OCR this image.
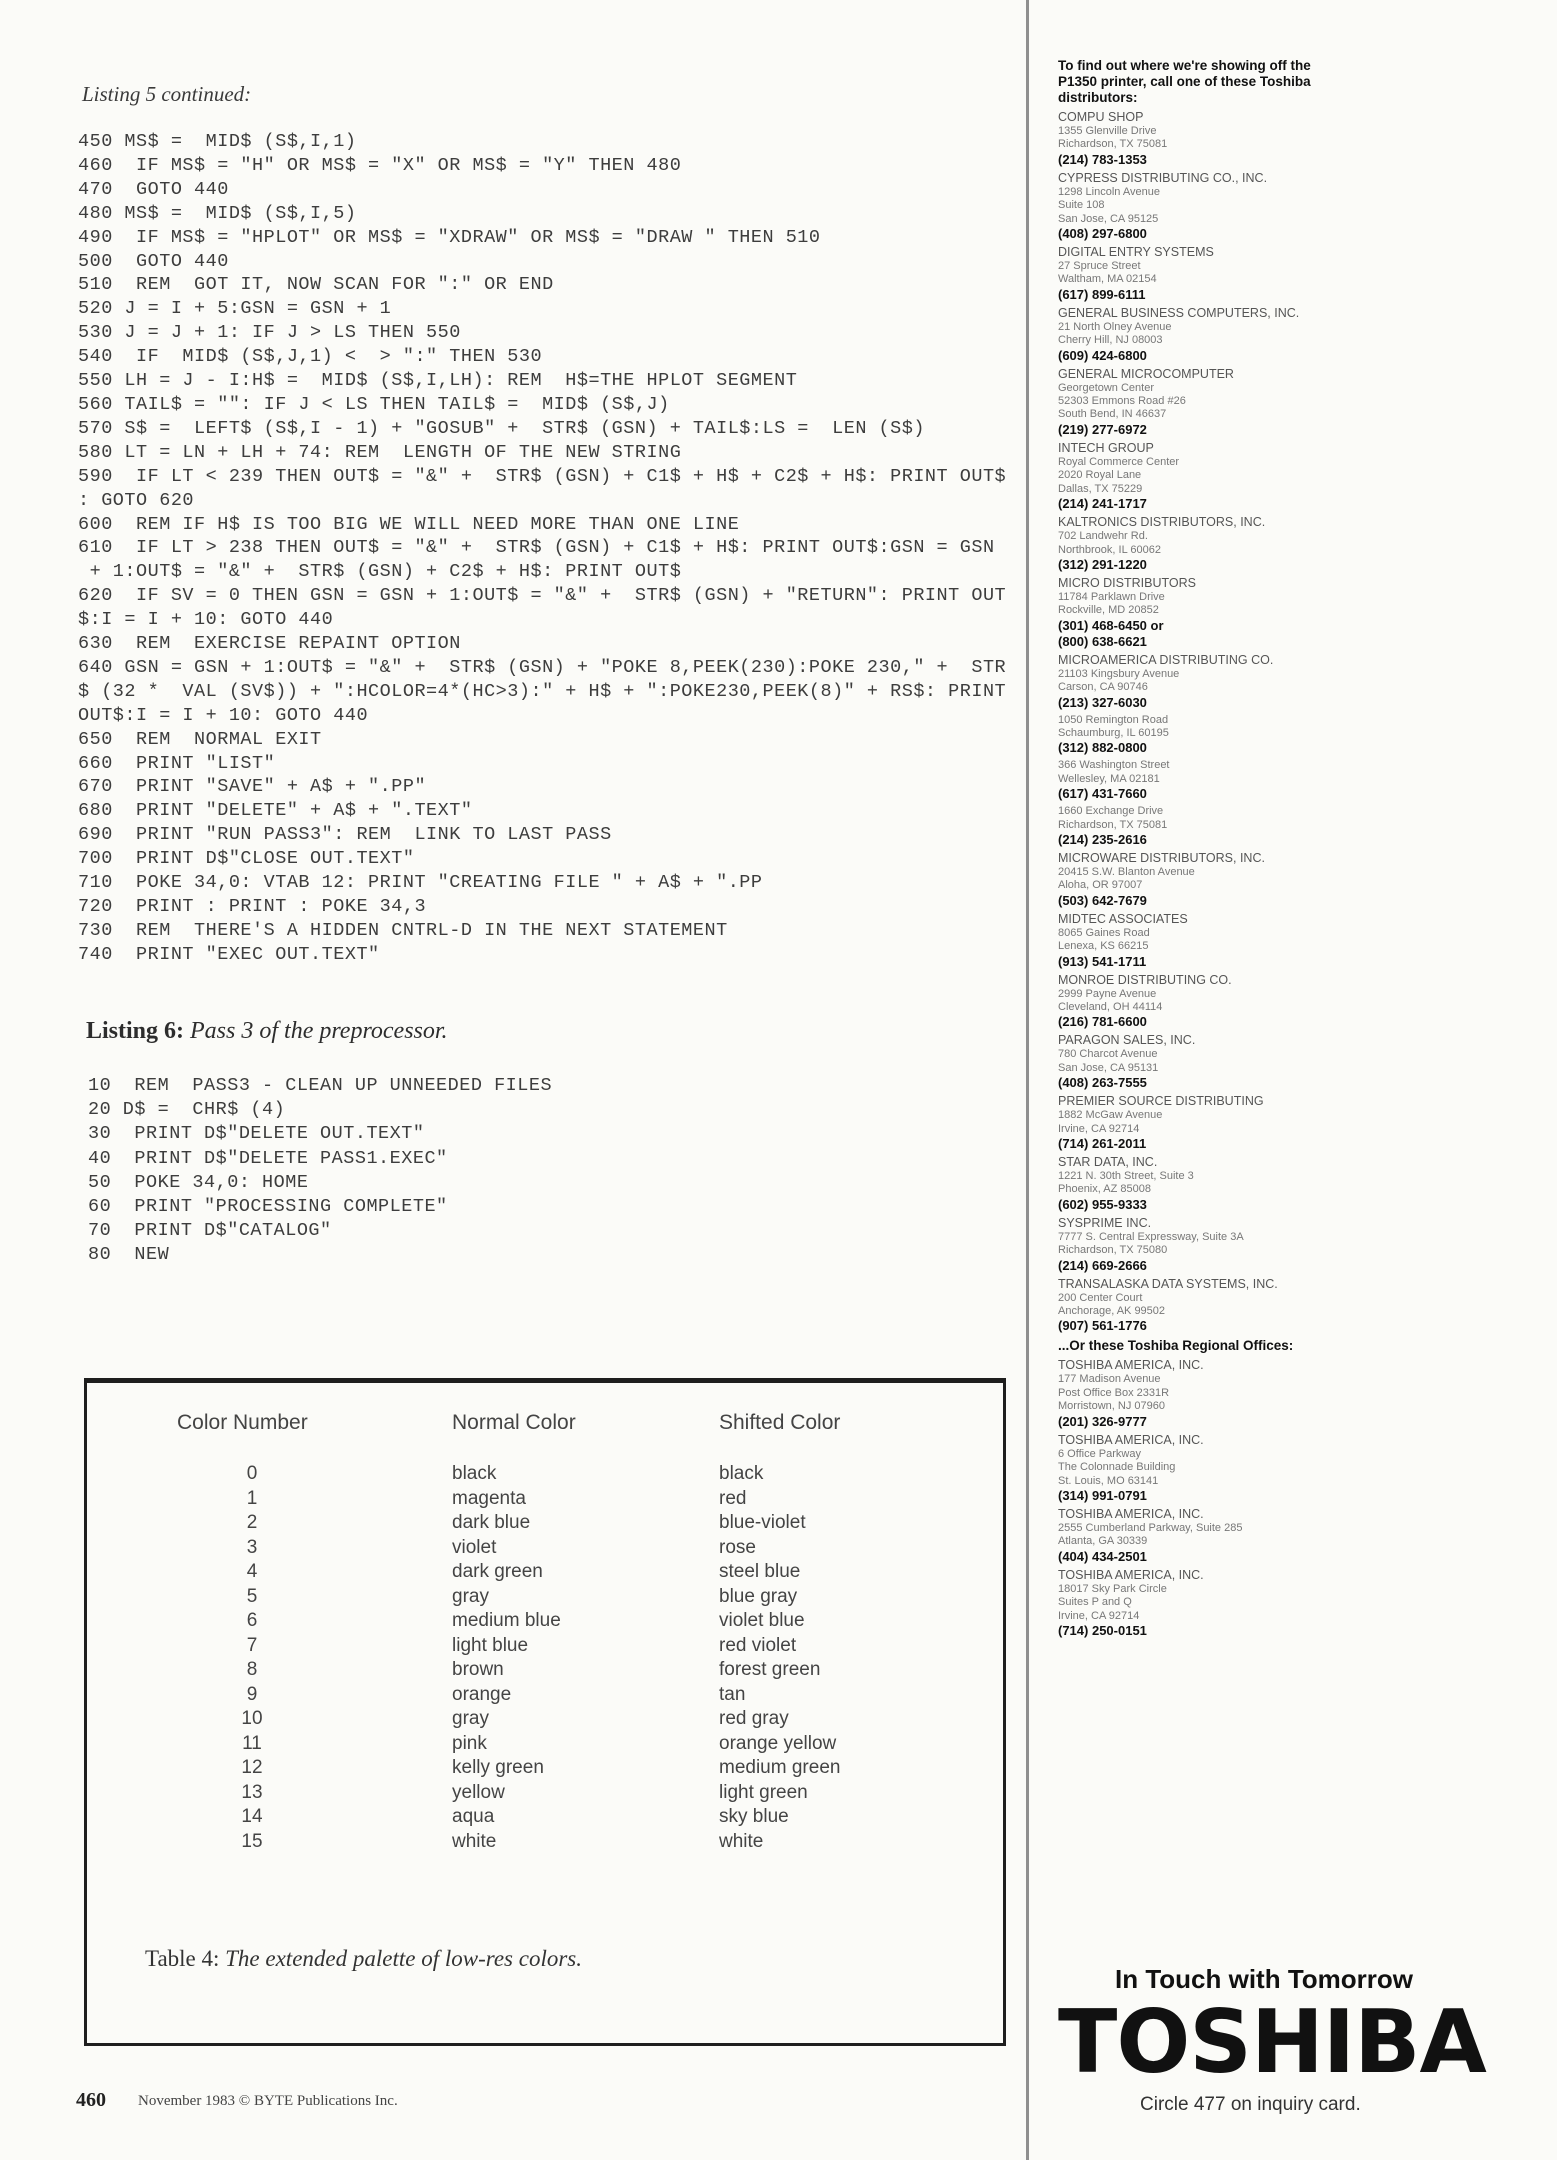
Listing 5 continued:
450 MS$ =  MID$ (S$,I,1)
460  IF MS$ = "H" OR MS$ = "X" OR MS$ = "Y" THEN 480
470  GOTO 440
480 MS$ =  MID$ (S$,I,5)
490  IF MS$ = "HPLOT" OR MS$ = "XDRAW" OR MS$ = "DRAW " THEN 510
500  GOTO 440
510  REM  GOT IT, NOW SCAN FOR ":" OR END
520 J = I + 5:GSN = GSN + 1
530 J = J + 1: IF J > LS THEN 550
540  IF  MID$ (S$,J,1) <  > ":" THEN 530
550 LH = J - I:H$ =  MID$ (S$,I,LH): REM  H$=THE HPLOT SEGMENT
560 TAIL$ = "": IF J < LS THEN TAIL$ =  MID$ (S$,J)
570 S$ =  LEFT$ (S$,I - 1) + "GOSUB" +  STR$ (GSN) + TAIL$:LS =  LEN (S$)
580 LT = LN + LH + 74: REM  LENGTH OF THE NEW STRING
590  IF LT < 239 THEN OUT$ = "&" +  STR$ (GSN) + C1$ + H$ + C2$ + H$: PRINT OUT$
: GOTO 620
600  REM IF H$ IS TOO BIG WE WILL NEED MORE THAN ONE LINE
610  IF LT > 238 THEN OUT$ = "&" +  STR$ (GSN) + C1$ + H$: PRINT OUT$:GSN = GSN
+ 1:OUT$ = "&" +  STR$ (GSN) + C2$ + H$: PRINT OUT$
620  IF SV = 0 THEN GSN = GSN + 1:OUT$ = "&" +  STR$ (GSN) + "RETURN": PRINT OUT
$:I = I + 10: GOTO 440
630  REM  EXERCISE REPAINT OPTION
640 GSN = GSN + 1:OUT$ = "&" +  STR$ (GSN) + "POKE 8,PEEK(230):POKE 230," +  STR
$ (32 *  VAL (SV$)) + ":HCOLOR=4*(HC>3):" + H$ + ":POKE230,PEEK(8)" + RS$: PRINT
OUT$:I = I + 10: GOTO 440
650  REM  NORMAL EXIT
660  PRINT "LIST"
670  PRINT "SAVE" + A$ + ".PP"
680  PRINT "DELETE" + A$ + ".TEXT"
690  PRINT "RUN PASS3": REM  LINK TO LAST PASS
700  PRINT D$"CLOSE OUT.TEXT"
710  POKE 34,0: VTAB 12: PRINT "CREATING FILE " + A$ + ".PP
720  PRINT : PRINT : POKE 34,3
730  REM  THERE'S A HIDDEN CNTRL-D IN THE NEXT STATEMENT
740  PRINT "EXEC OUT.TEXT"
Listing 6: Pass 3 of the preprocessor.
10  REM  PASS3 - CLEAN UP UNNEEDED FILES
20 D$ =  CHR$ (4)
30  PRINT D$"DELETE OUT.TEXT"
40  PRINT D$"DELETE PASS1.EXEC"
50  POKE 34,0: HOME
60  PRINT "PROCESSING COMPLETE"
70  PRINT D$"CATALOG"
80  NEW
Color Number	Normal Color	Shifted Color
0	black	black
1	magenta	red
2	dark blue	blue-violet
3	violet	rose
4	dark green	steel blue
5	gray	blue gray
6	medium blue	violet blue
7	light blue	red violet
8	brown	forest green
9	orange	tan
10	gray	red gray
11	pink	orange yellow
12	kelly green	medium green
13	yellow	light green
14	aqua	sky blue
15	white	white
Table 4: The extended palette of low-res colors.
460 November 1983 © BYTE Publications Inc.
To find out where we're showing off the P1350 printer, call one of these Toshiba distributors:
COMPU SHOP
1355 Glenville Drive
Richardson, TX 75081
(214) 783-1353
CYPRESS DISTRIBUTING CO., INC.
1298 Lincoln Avenue
Suite 108
San Jose, CA 95125
(408) 297-6800
DIGITAL ENTRY SYSTEMS
27 Spruce Street
Waltham, MA 02154
(617) 899-6111
GENERAL BUSINESS COMPUTERS, INC.
21 North Olney Avenue
Cherry Hill, NJ 08003
(609) 424-6800
GENERAL MICROCOMPUTER
Georgetown Center
52303 Emmons Road #26
South Bend, IN 46637
(219) 277-6972
INTECH GROUP
Royal Commerce Center
2020 Royal Lane
Dallas, TX 75229
(214) 241-1717
KALTRONICS DISTRIBUTORS, INC.
702 Landwehr Rd.
Northbrook, IL 60062
(312) 291-1220
MICRO DISTRIBUTORS
11784 Parklawn Drive
Rockville, MD 20852
(301) 468-6450 or
(800) 638-6621
MICROAMERICA DISTRIBUTING CO.
21103 Kingsbury Avenue
Carson, CA 90746
(213) 327-6030
1050 Remington Road
Schaumburg, IL 60195
(312) 882-0800
366 Washington Street
Wellesley, MA 02181
(617) 431-7660
1660 Exchange Drive
Richardson, TX 75081
(214) 235-2616
MICROWARE DISTRIBUTORS, INC.
20415 S.W. Blanton Avenue
Aloha, OR 97007
(503) 642-7679
MIDTEC ASSOCIATES
8065 Gaines Road
Lenexa, KS 66215
(913) 541-1711
MONROE DISTRIBUTING CO.
2999 Payne Avenue
Cleveland, OH 44114
(216) 781-6600
PARAGON SALES, INC.
780 Charcot Avenue
San Jose, CA 95131
(408) 263-7555
PREMIER SOURCE DISTRIBUTING
1882 McGaw Avenue
Irvine, CA 92714
(714) 261-2011
STAR DATA, INC.
1221 N. 30th Street, Suite 3
Phoenix, AZ 85008
(602) 955-9333
SYSPRIME INC.
7777 S. Central Expressway, Suite 3A
Richardson, TX 75080
(214) 669-2666
TRANSALASKA DATA SYSTEMS, INC.
200 Center Court
Anchorage, AK 99502
(907) 561-1776
...Or these Toshiba Regional Offices:
TOSHIBA AMERICA, INC.
177 Madison Avenue
Post Office Box 2331R
Morristown, NJ 07960
(201) 326-9777
TOSHIBA AMERICA, INC.
6 Office Parkway
The Colonnade Building
St. Louis, MO 63141
(314) 991-0791
TOSHIBA AMERICA, INC.
2555 Cumberland Parkway, Suite 285
Atlanta, GA 30339
(404) 434-2501
TOSHIBA AMERICA, INC.
18017 Sky Park Circle
Suites P and Q
Irvine, CA 92714
(714) 250-0151
In Touch with Tomorrow
TOSHIBA
Circle 477 on inquiry card.
